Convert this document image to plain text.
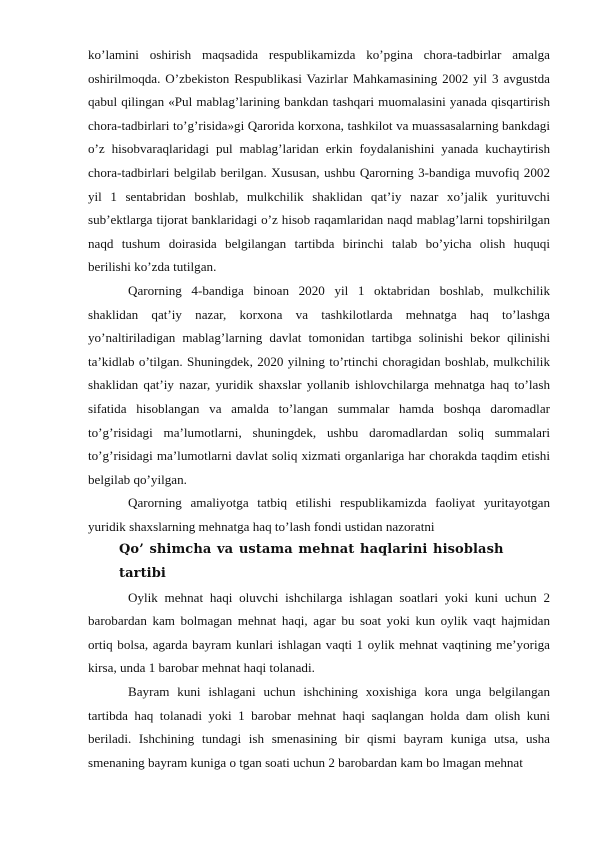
ko’lamini oshirish maqsadida respublikamizda ko’pgina chora-tadbirlar amalga oshirilmoqda. O’zbekiston Respublikasi Vazirlar Mahkamasining 2002 yil 3 avgustda qabul qilingan «Pul mablag’larining bankdan tashqari muomalasini yanada qisqartirish chora-tadbirlari to’g’risida»gi Qarorida korxona, tashkilot va muassasalarning bankdagi o’z hisobvaraqlaridagi pul mablag’laridan erkin foydalanishini yanada kuchaytirish chora-tadbirlari belgilab berilgan. Xususan, ushbu Qarorning 3-bandiga muvofiq 2002 yil 1 sentabridan boshlab, mulkchilik shaklidan qat’iy nazar xo’jalik yurituvchi sub’ektlarga tijorat banklaridagi o’z hisob raqamlaridan naqd mablag’larni topshirilgan naqd tushum doirasida belgilangan tartibda birinchi talab bo’yicha olish huquqi berilishi ko’zda tutilgan.

Qarorning 4-bandiga binoan 2020 yil 1 oktabridan boshlab, mulkchilik shaklidan qat’iy nazar, korxona va tashkilotlarda mehnatga haq to’lashga yo’naltiriladigan mablag’larning davlat tomonidan tartibga solinishi bekor qilinishi ta’kidlab o’tilgan. Shuningdek, 2020 yilning to’rtinchi choragidan boshlab, mulkchilik shaklidan qat’iy nazar, yuridik shaxslar yollanib ishlovchilarga mehnatga haq to’lash sifatida hisoblangan va amalda to’langan summalar hamda boshqa daromadlar to’g’risidagi ma’lumotlarni, shuningdek, ushbu daromadlardan soliq summalari to’g’risidagi ma’lumotlarni davlat soliq xizmati organlariga har chorakda taqdim etishi belgilab qo’yilgan.

Qarorning amaliyotga tatbiq etilishi respublikamizda faoliyat yuritayotgan yuridik shaxslarning mehnatga haq to’lash fondi ustidan nazoratni

Qo’ shimcha va ustama mehnat haqlarini hisoblash tartibi

Oylik mehnat haqi oluvchi ishchilarga ishlagan soatlari yoki kuni uchun 2 barobardan kam bolmagan mehnat haqi, agar bu soat yoki kun oylik vaqt hajmidan ortiq bolsa, agarda bayram kunlari ishlagan vaqti 1 oylik mehnat vaqtining me’yoriga kirsa, unda 1 barobar mehnat haqi tolanadi.

Bayram kuni ishlagani uchun ishchining xoxishiga kora unga belgilangan tartibda haq tolanadi yoki 1 barobar mehnat haqi saqlangan holda dam olish kuni beriladi. Ishchining tundagi ish smenasining bir qismi bayram kuniga utsa, usha smenaning bayram kuniga o tgan soati uchun 2 barobardan kam bo lmagan mehnat
